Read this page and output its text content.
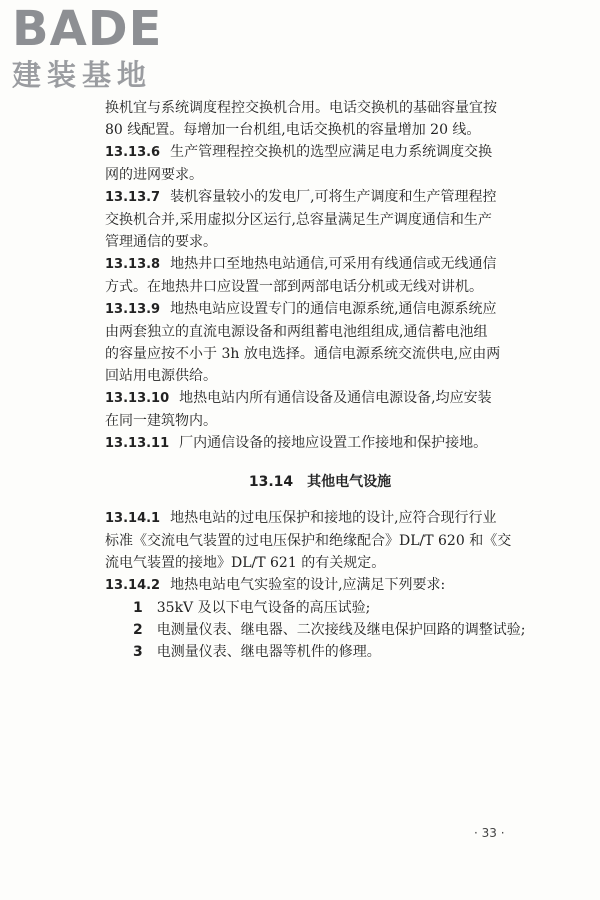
BADE
建装基地
换机宜与系统调度程控交换机合用。电话交换机的基础容量宜按
80 线配置。每增加一台机组,电话交换机的容量增加 20 线。
13.13.6 生产管理程控交换机的选型应满足电力系统调度交换
网的进网要求。
13.13.7 装机容量较小的发电厂,可将生产调度和生产管理程控
交换机合并,采用虚拟分区运行,总容量满足生产调度通信和生产
管理通信的要求。
13.13.8 地热井口至地热电站通信,可采用有线通信或无线通信
方式。在地热井口应设置一部到两部电话分机或无线对讲机。
13.13.9 地热电站应设置专门的通信电源系统,通信电源系统应
由两套独立的直流电源设备和两组蓄电池组组成,通信蓄电池组
的容量应按不小于 3h 放电选择。通信电源系统交流供电,应由两
回站用电源供给。
13.13.10 地热电站内所有通信设备及通信电源设备,均应安装
在同一建筑物内。
13.13.11 厂内通信设备的接地应设置工作接地和保护接地。
13.14 其他电气设施
13.14.1 地热电站的过电压保护和接地的设计,应符合现行行业
标准《交流电气装置的过电压保护和绝缘配合》DL/T 620 和《交
流电气装置的接地》DL/T 621 的有关规定。
13.14.2 地热电站电气实验室的设计,应满足下列要求:
1 35kV 及以下电气设备的高压试验;
2 电测量仪表、继电器、二次接线及继电保护回路的调整试验;
3 电测量仪表、继电器等机件的修理。
· 33 ·
